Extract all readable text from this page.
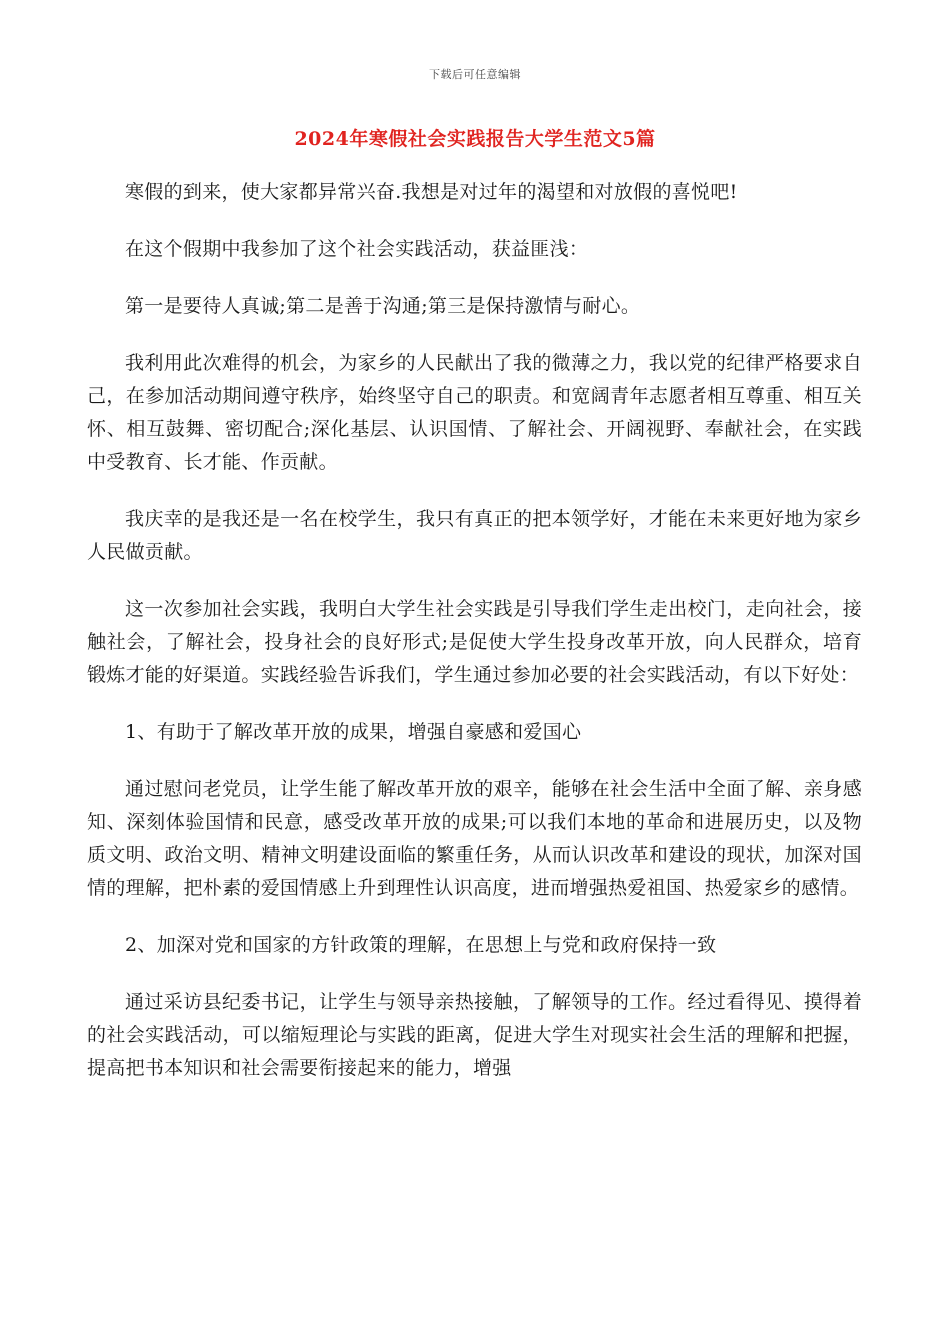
下载后可任意编辑
2024年寒假社会实践报告大学生范文5篇

寒假的到来，使大家都异常兴奋.我想是对过年的渴望和对放假的喜悦吧!

在这个假期中我参加了这个社会实践活动，获益匪浅：

第一是要待人真诚;第二是善于沟通;第三是保持激情与耐心。

我利用此次难得的机会，为家乡的人民献出了我的微薄之力，我以党的纪律严格要求自己，在参加活动期间遵守秩序，始终坚守自己的职责。和宽阔青年志愿者相互尊重、相互关怀、相互鼓舞、密切配合;深化基层、认识国情、了解社会、开阔视野、奉献社会，在实践中受教育、长才能、作贡献。

我庆幸的是我还是一名在校学生，我只有真正的把本领学好，才能在未来更好地为家乡人民做贡献。

这一次参加社会实践，我明白大学生社会实践是引导我们学生走出校门，走向社会，接触社会，了解社会，投身社会的良好形式;是促使大学生投身改革开放，向人民群众，培育锻炼才能的好渠道。实践经验告诉我们，学生通过参加必要的社会实践活动，有以下好处：

1、有助于了解改革开放的成果，增强自豪感和爱国心

通过慰问老党员，让学生能了解改革开放的艰辛，能够在社会生活中全面了解、亲身感知、深刻体验国情和民意，感受改革开放的成果;可以我们本地的革命和进展历史，以及物质文明、政治文明、精神文明建设面临的繁重任务，从而认识改革和建设的现状，加深对国情的理解，把朴素的爱国情感上升到理性认识高度，进而增强热爱祖国、热爱家乡的感情。

2、加深对党和国家的方针政策的理解，在思想上与党和政府保持一致

通过采访县纪委书记，让学生与领导亲热接触，了解领导的工作。经过看得见、摸得着的社会实践活动，可以缩短理论与实践的距离，促进大学生对现实社会生活的理解和把握，提高把书本知识和社会需要衔接起来的能力，增强
